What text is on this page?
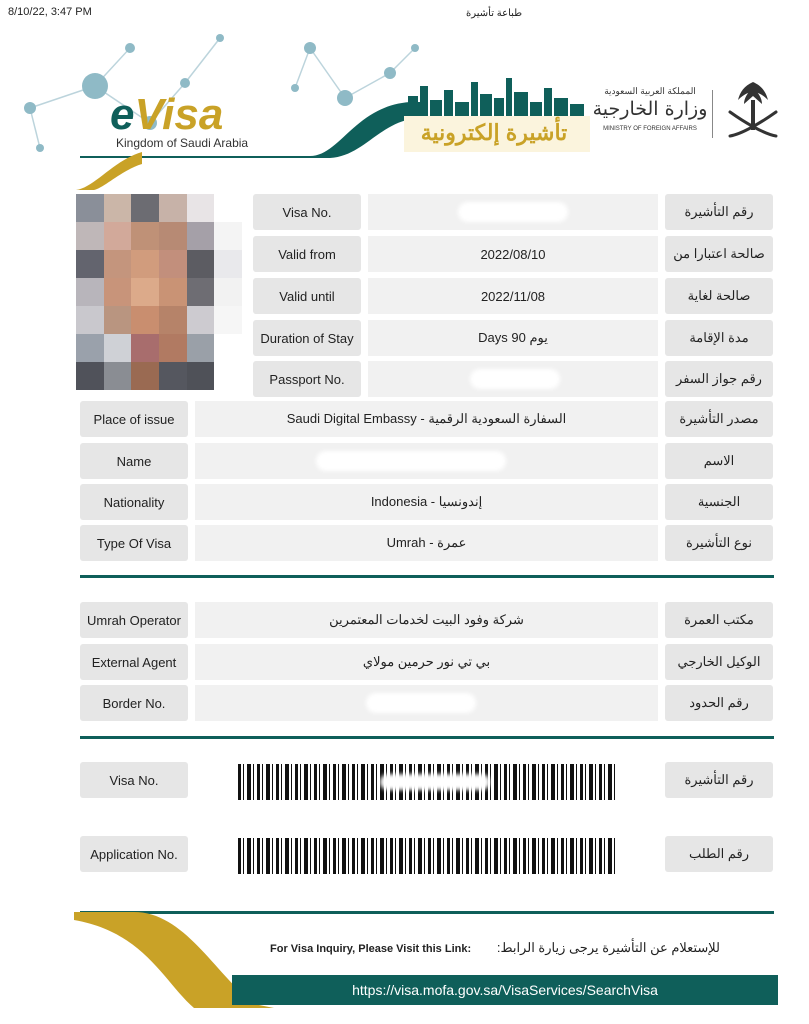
8/10/22, 3:47 PM	طباعة تأشيرة
eVisa
Kingdom of Saudi Arabia	تأشيرة إلكترونية
المملكة العربية السعودية
وزارة الخارجية
MINISTRY OF FOREIGN AFFAIRS
Visa No.	رقم التأشيرة
Valid from	2022/08/10	صالحة اعتبارا من
Valid until	2022/11/08	صالحة لغاية
Duration of Stay	Days 90 يوم	مدة الإقامة
Passport No.	رقم جواز السفر
Place of issue	Saudi Digital Embassy - السفارة السعودية الرقمية	مصدر التأشيرة
Name	الاسم
Nationality	Indonesia - إندونسيا	الجنسية
Type Of Visa	Umrah - عمرة	نوع التأشيرة
Umrah Operator	شركة وفود البيت لخدمات المعتمرين	مكتب العمرة
External Agent	بي تي نور حرمين مولاي	الوكيل الخارجي
Border No.	رقم الحدود
Visa No.	رقم التأشيرة
Application No.	رقم الطلب
For Visa Inquiry, Please Visit this Link:	للإستعلام عن التأشيرة يرجى زيارة الرابط:
https://visa.mofa.gov.sa/VisaServices/SearchVisa
